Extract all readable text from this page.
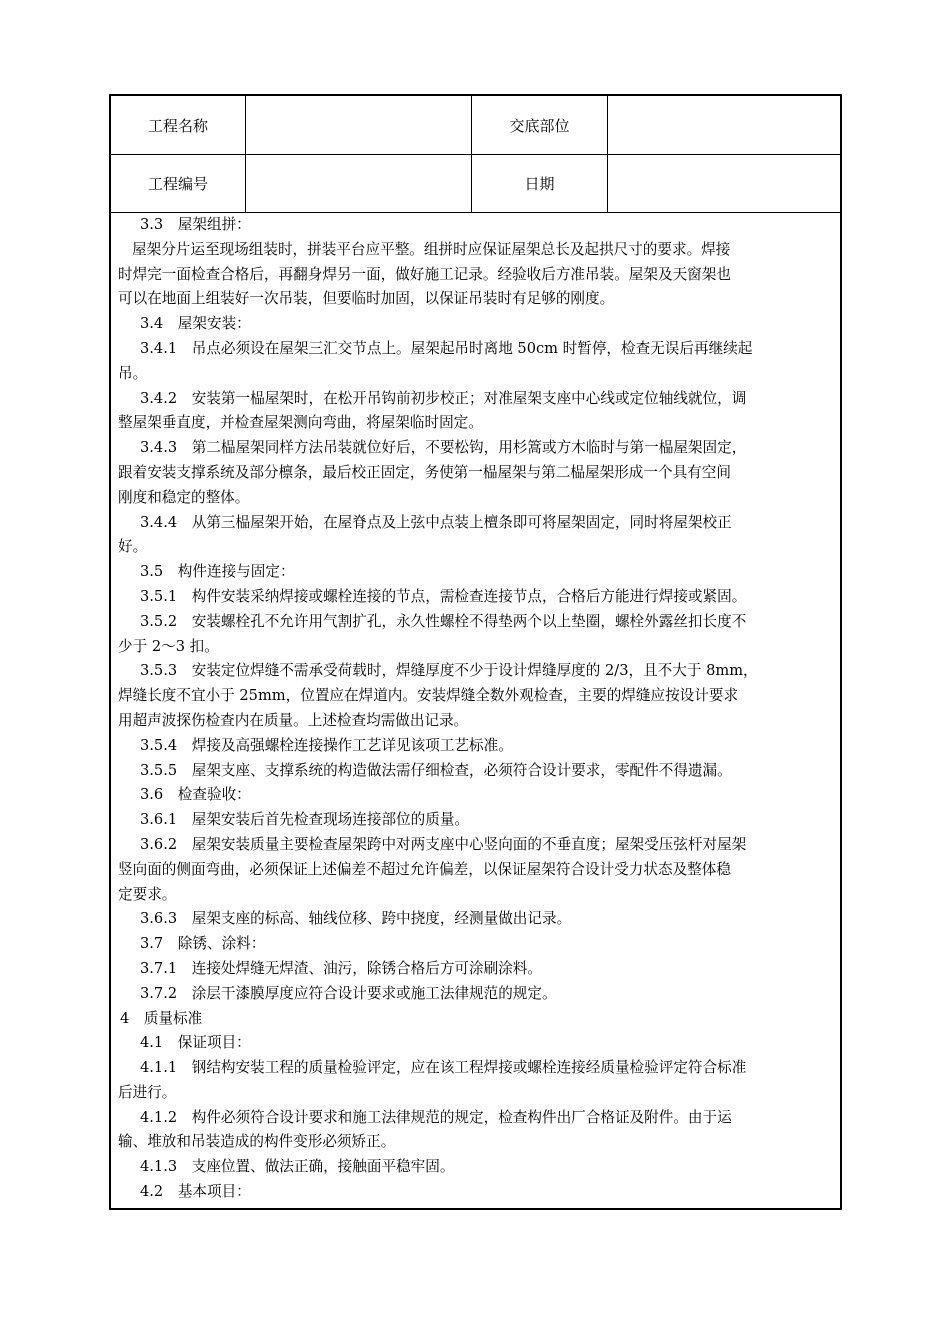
工程名称	交底部位
工程编号	日期
3.3　屋架组拼：
屋架分片运至现场组装时，拼装平台应平整。组拼时应保证屋架总长及起拱尺寸的要求。焊接
时焊完一面检查合格后，再翻身焊另一面，做好施工记录。经验收后方准吊装。屋架及天窗架也
可以在地面上组装好一次吊装，但要临时加固，以保证吊装时有足够的刚度。
3.4　屋架安装：
3.4.1　吊点必须设在屋架三汇交节点上。屋架起吊时离地 50cm 时暂停，检查无误后再继续起
吊。
3.4.2　安装第一榀屋架时，在松开吊钩前初步校正；对准屋架支座中心线或定位轴线就位，调
整屋架垂直度，并检查屋架测向弯曲，将屋架临时固定。
3.4.3　第二榀屋架同样方法吊装就位好后，不要松钩，用杉篙或方木临时与第一榀屋架固定，
跟着安装支撑系统及部分檩条，最后校正固定，务使第一榀屋架与第二榀屋架形成一个具有空间
刚度和稳定的整体。
3.4.4　从第三榀屋架开始，在屋脊点及上弦中点装上檀条即可将屋架固定，同时将屋架校正
好。
3.5　构件连接与固定：
3.5.1　构件安装采纳焊接或螺栓连接的节点，需检查连接节点，合格后方能进行焊接或紧固。
3.5.2　安装螺栓孔不允许用气割扩孔，永久性螺栓不得垫两个以上垫圈，螺栓外露丝扣长度不
少于 2～3 扣。
3.5.3　安装定位焊缝不需承受荷载时，焊缝厚度不少于设计焊缝厚度的 2/3，且不大于 8mm，
焊缝长度不宜小于 25mm，位置应在焊道内。安装焊缝全数外观检查，主要的焊缝应按设计要求
用超声波探伤检查内在质量。上述检查均需做出记录。
3.5.4　焊接及高强螺栓连接操作工艺详见该项工艺标准。
3.5.5　屋架支座、支撑系统的构造做法需仔细检查，必须符合设计要求，零配件不得遗漏。
3.6　检查验收：
3.6.1　屋架安装后首先检查现场连接部位的质量。
3.6.2　屋架安装质量主要检查屋架跨中对两支座中心竖向面的不垂直度；屋架受压弦杆对屋架
竖向面的侧面弯曲，必须保证上述偏差不超过允许偏差，以保证屋架符合设计受力状态及整体稳
定要求。
3.6.3　屋架支座的标高、轴线位移、跨中挠度，经测量做出记录。
3.7　除锈、涂料：
3.7.1　连接处焊缝无焊渣、油污，除锈合格后方可涂刷涂料。
3.7.2　涂层干漆膜厚度应符合设计要求或施工法律规范的规定。
4　质量标准
4.1　保证项目：
4.1.1　钢结构安装工程的质量检验评定，应在该工程焊接或螺栓连接经质量检验评定符合标准
后进行。
4.1.2　构件必须符合设计要求和施工法律规范的规定，检查构件出厂合格证及附件。由于运
输、堆放和吊装造成的构件变形必须矫正。
4.1.3　支座位置、做法正确，接触面平稳牢固。
4.2　基本项目：
